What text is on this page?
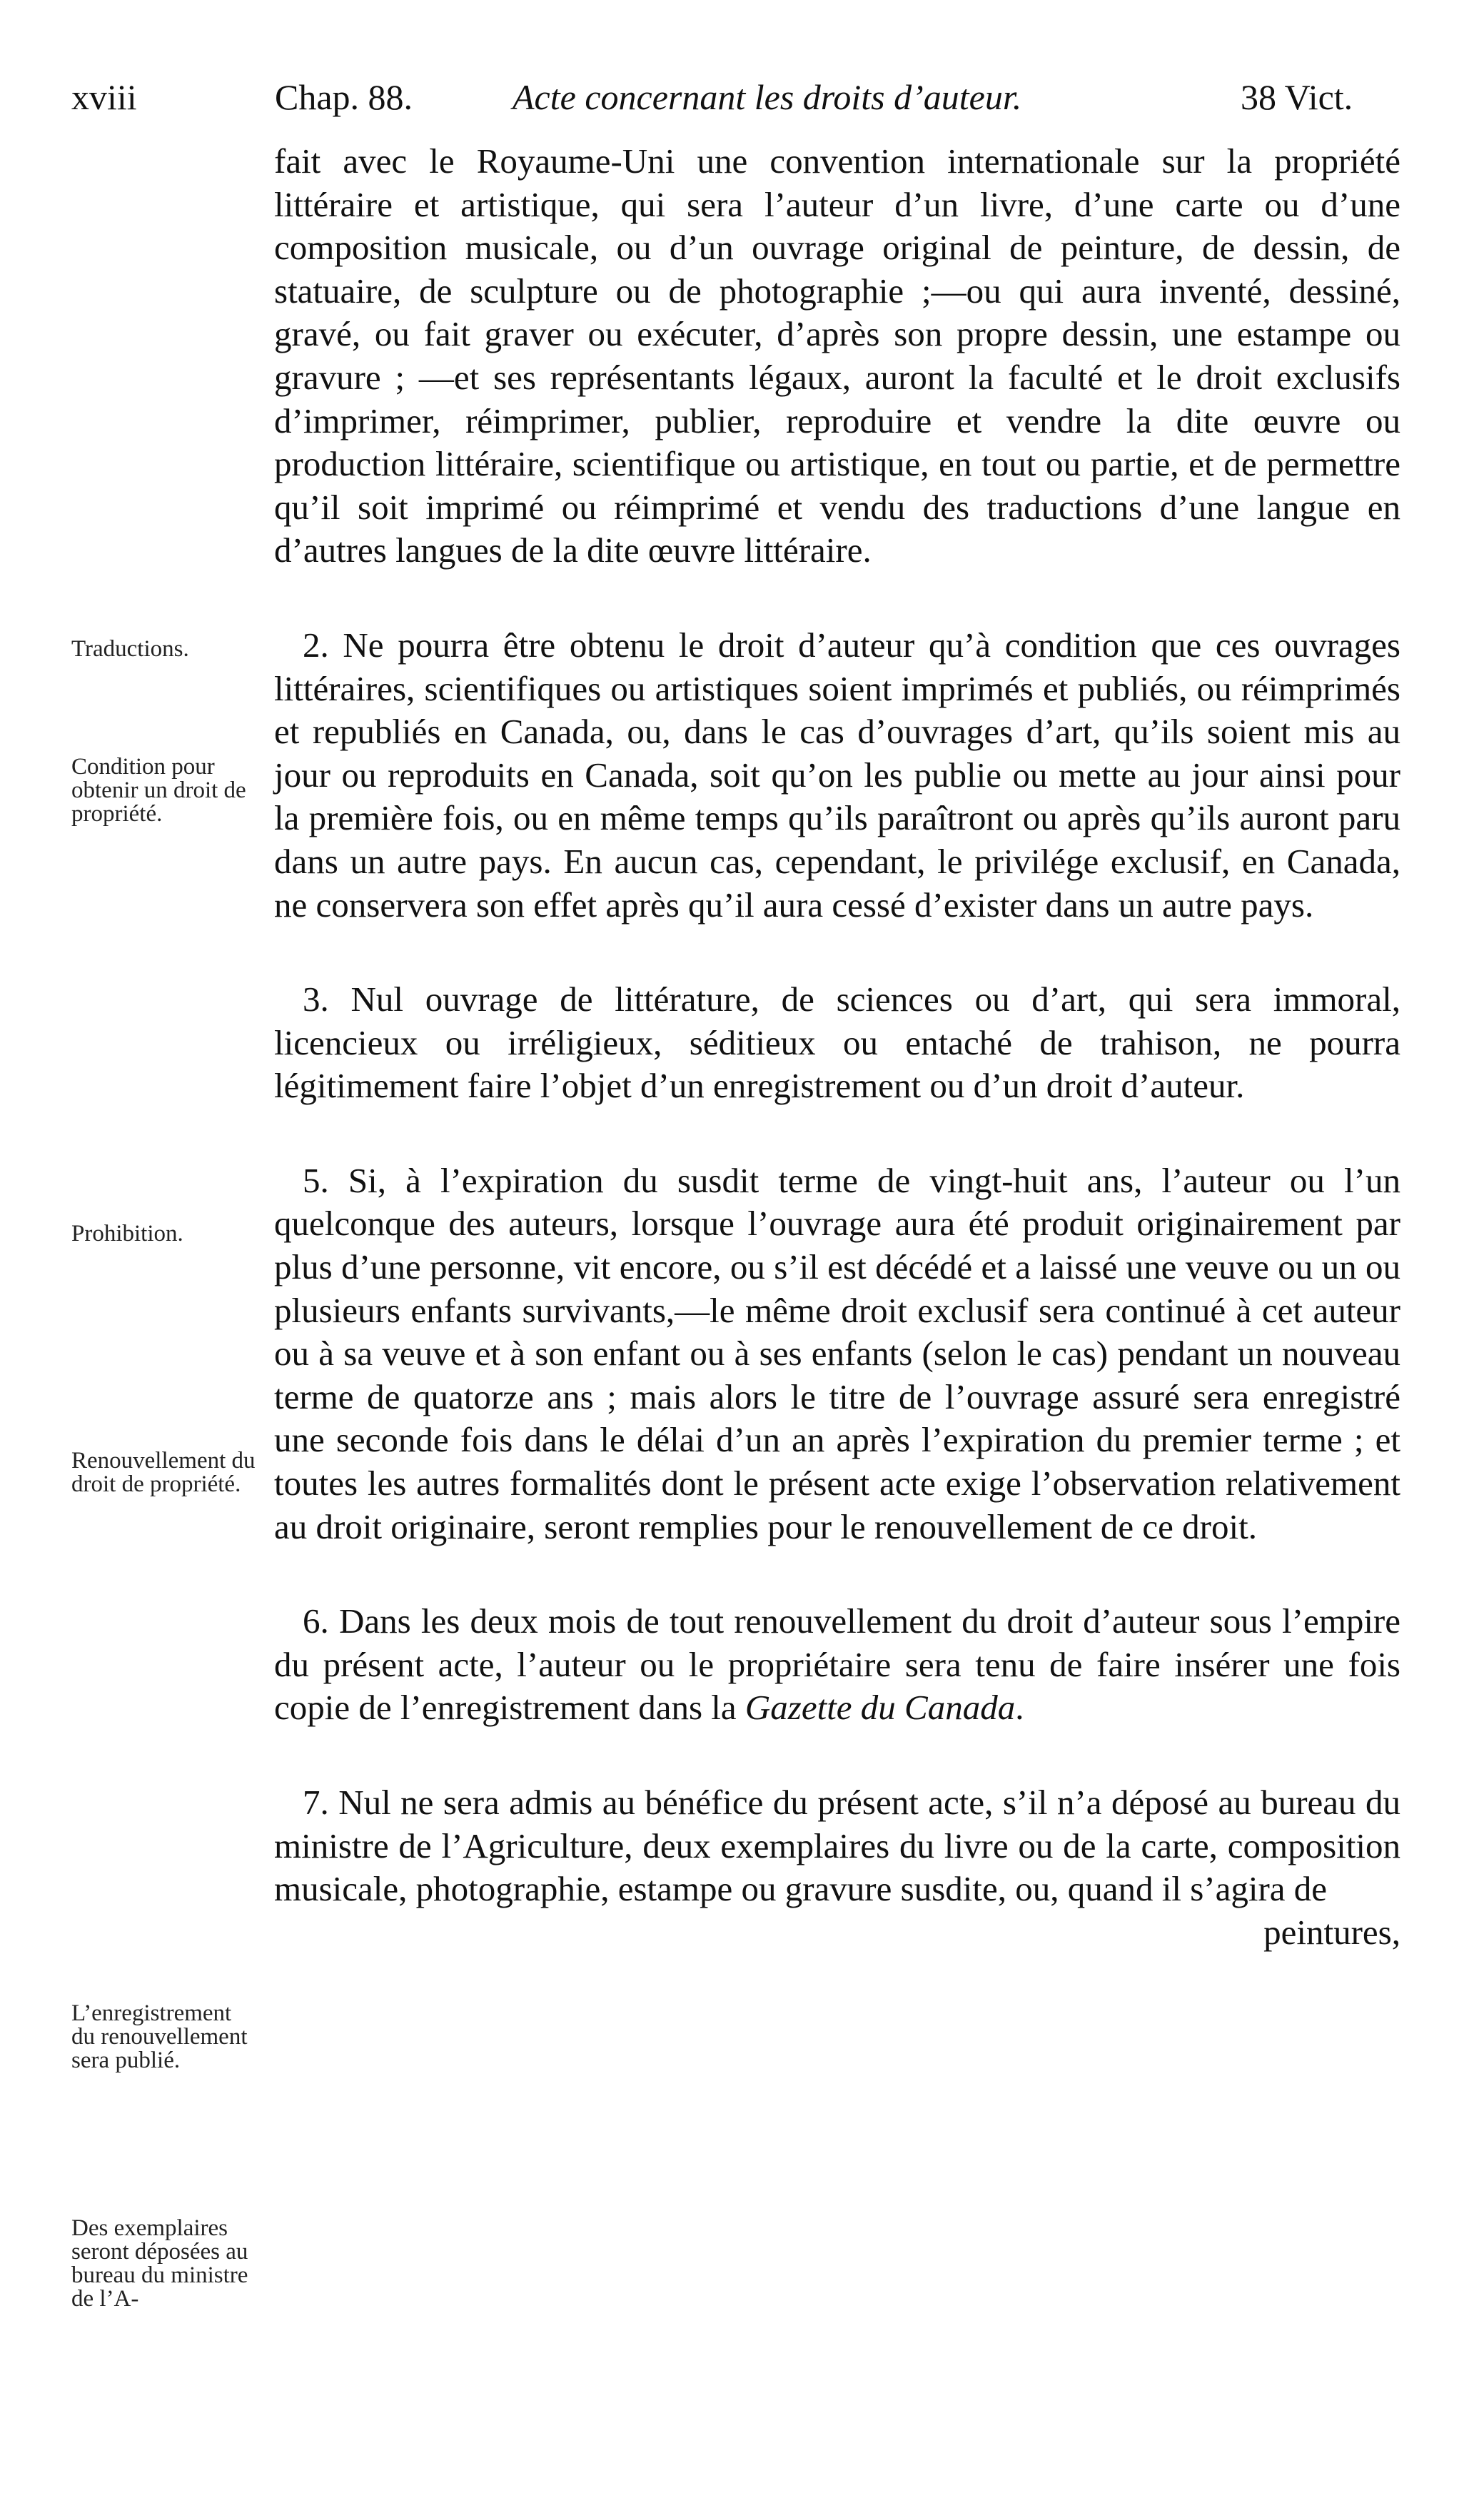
xviii	Chap. 88.	Acte concernant les droits d’auteur.	38 Vict.
Traductions.
Condition pour obtenir un droit de propriété.
Prohibition.
Renouvellement du droit de propriété.
L’enregistrement du renouvellement sera publié.
Des exemplaires seront déposées au bureau du ministre de l’A-

fait avec le Royaume-Uni une convention internationale sur la propriété littéraire et artistique, qui sera l’auteur d’un livre, d’une carte ou d’une composition musicale, ou d’un ouvrage original de peinture, de dessin, de statuaire, de sculpture ou de photographie ;—ou qui aura inventé, dessiné, gravé, ou fait graver ou exécuter, d’après son propre dessin, une estampe ou gravure ; —et ses représentants légaux, auront la faculté et le droit exclusifs d’imprimer, réimprimer, publier, reproduire et vendre la dite œuvre ou production littéraire, scientifique ou artistique, en tout ou partie, et de permettre qu’il soit imprimé ou réimprimé et vendu des traductions d’une langue en d’autres langues de la dite œuvre littéraire.

2. Ne pourra être obtenu le droit d’auteur qu’à condition que ces ouvrages littéraires, scientifiques ou artistiques soient imprimés et publiés, ou réimprimés et republiés en Canada, ou, dans le cas d’ouvrages d’art, qu’ils soient mis au jour ou reproduits en Canada, soit qu’on les publie ou mette au jour ainsi pour la première fois, ou en même temps qu’ils paraîtront ou après qu’ils auront paru dans un autre pays. En aucun cas, cependant, le privilége exclusif, en Canada, ne conservera son effet après qu’il aura cessé d’exister dans un autre pays.

3. Nul ouvrage de littérature, de sciences ou d’art, qui sera immoral, licencieux ou irréligieux, séditieux ou entaché de trahison, ne pourra légitimement faire l’objet d’un enregistrement ou d’un droit d’auteur.

5. Si, à l’expiration du susdit terme de vingt-huit ans, l’auteur ou l’un quelconque des auteurs, lorsque l’ouvrage aura été produit originairement par plus d’une personne, vit encore, ou s’il est décédé et a laissé une veuve ou un ou plusieurs enfants survivants,—le même droit exclusif sera continué à cet auteur ou à sa veuve et à son enfant ou à ses enfants (selon le cas) pendant un nouveau terme de quatorze ans ; mais alors le titre de l’ouvrage assuré sera enregistré une seconde fois dans le délai d’un an après l’expiration du premier terme ; et toutes les autres formalités dont le présent acte exige l’observation relativement au droit originaire, seront remplies pour le renouvellement de ce droit.

6. Dans les deux mois de tout renouvellement du droit d’auteur sous l’empire du présent acte, l’auteur ou le propriétaire sera tenu de faire insérer une fois copie de l’enregistrement dans la Gazette du Canada.

7. Nul ne sera admis au bénéfice du présent acte, s’il n’a déposé au bureau du ministre de l’Agriculture, deux exemplaires du livre ou de la carte, composition musicale, photographie, estampe ou gravure susdite, ou, quand il s’agira de

peintures,
